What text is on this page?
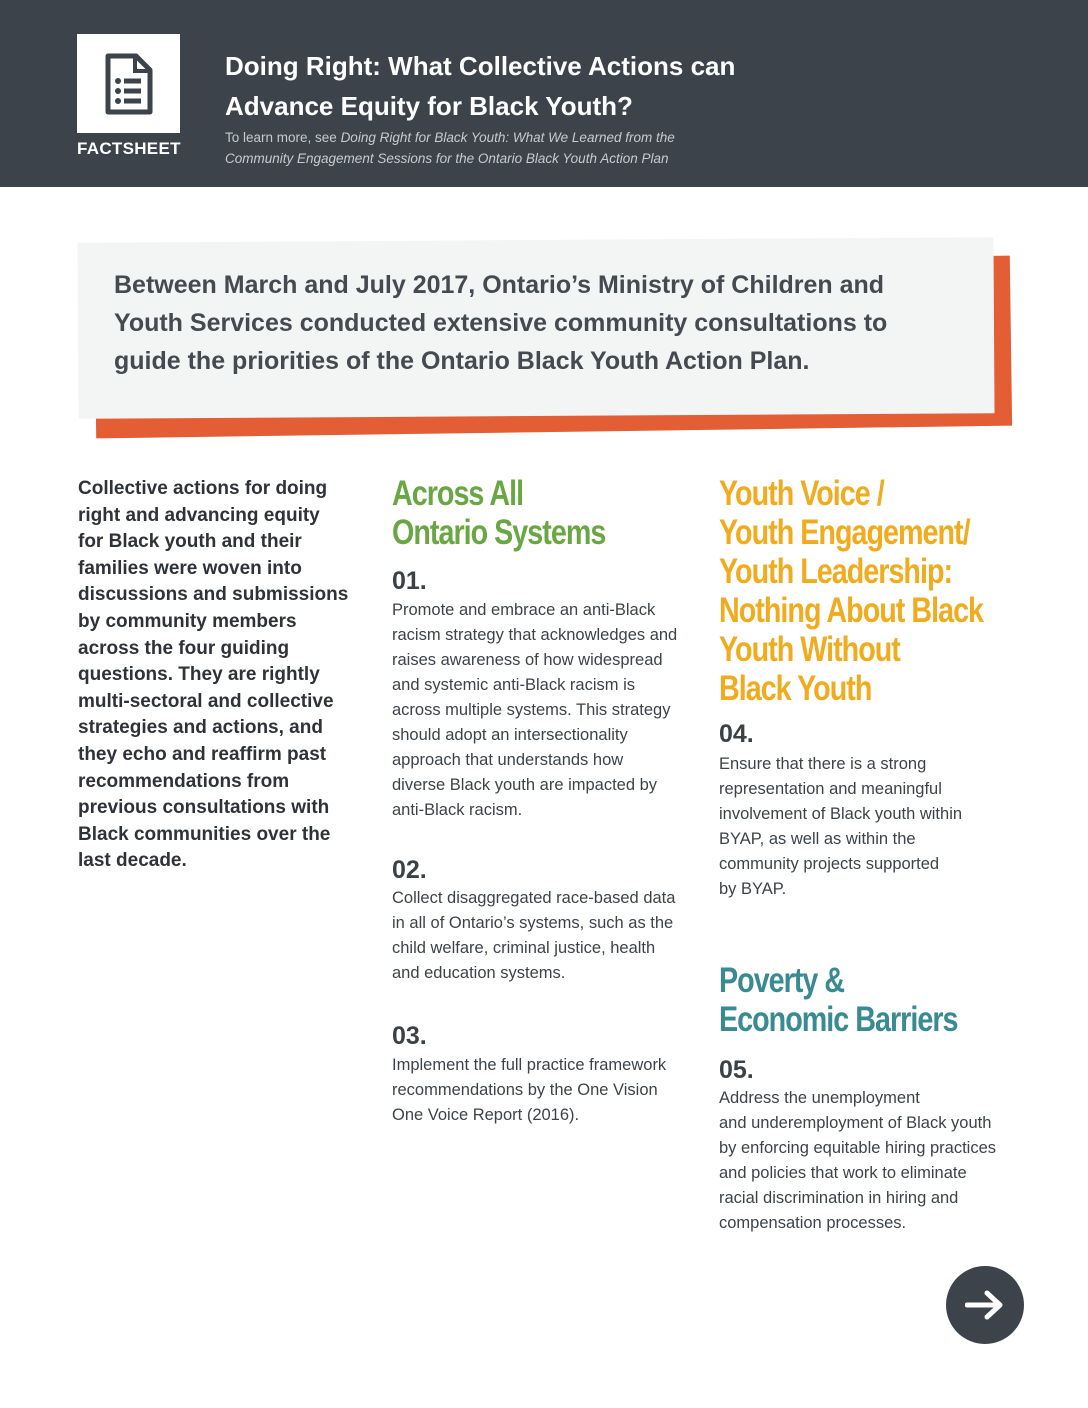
FACTSHEET
Doing Right: What Collective Actions can
Advance Equity for Black Youth?
To learn more, see Doing Right for Black Youth: What We Learned from the
Community Engagement Sessions for the Ontario Black Youth Action Plan
Between March and July 2017, Ontario’s Ministry of Children and
Youth Services conducted extensive community consultations to
guide the priorities of the Ontario Black Youth Action Plan.
Collective actions for doing
right and advancing equity
for Black youth and their
families were woven into
discussions and submissions
by community members
across the four guiding
questions. They are rightly
multi-sectoral and collective
strategies and actions, and
they echo and reaffirm past
recommendations from
previous consultations with
Black communities over the
last decade.
Across All
Ontario Systems
01.
Promote and embrace an anti-Black
racism strategy that acknowledges and
raises awareness of how widespread
and systemic anti-Black racism is
across multiple systems. This strategy
should adopt an intersectionality
approach that understands how
diverse Black youth are impacted by
anti-Black racism.
02.
Collect disaggregated race-based data
in all of Ontario’s systems, such as the
child welfare, criminal justice, health
and education systems.
03.
Implement the full practice framework
recommendations by the One Vision
One Voice Report (2016).
Youth Voice /
Youth Engagement/
Youth Leadership:
Nothing About Black
Youth Without
Black Youth
04.
Ensure that there is a strong
representation and meaningful
involvement of Black youth within
BYAP, as well as within the
community projects supported
by BYAP.
Poverty &
Economic Barriers
05.
Address the unemployment
and underemployment of Black youth
by enforcing equitable hiring practices
and policies that work to eliminate
racial discrimination in hiring and
compensation processes.
